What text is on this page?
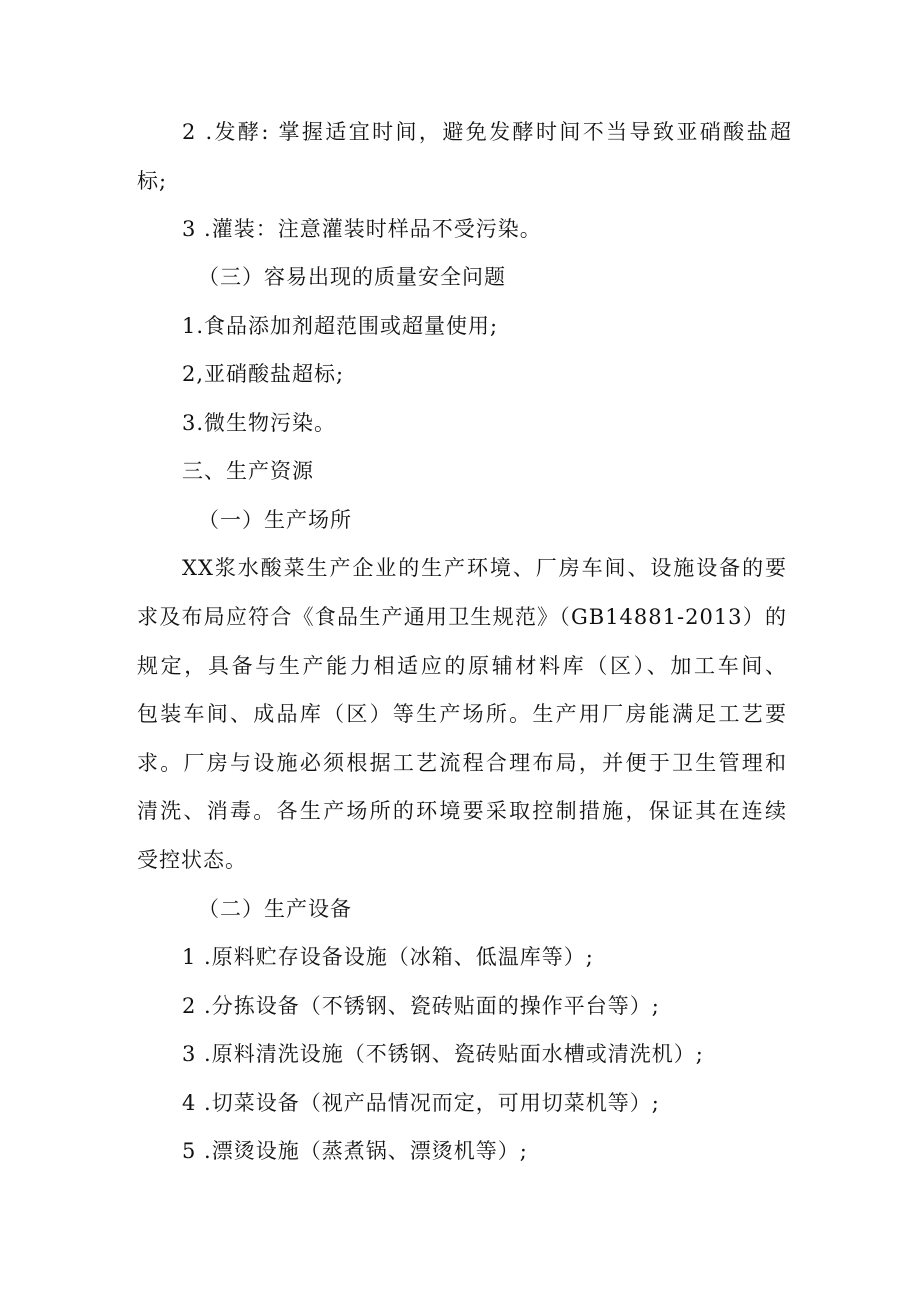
2 .发酵: 掌握适宜时间，避免发酵时间不当导致亚硝酸盐超
标;
3 .灌装：注意灌装时样品不受污染。
（三）容易出现的质量安全问题
1.食品添加剂超范围或超量使用;
2,亚硝酸盐超标;
3.微生物污染。
三、生产资源
（一）生产场所
XX浆水酸菜生产企业的生产环境、厂房车间、设施设备的要
求及布局应符合《食品生产通用卫生规范》（GB14881-2013）的
规定，具备与生产能力相适应的原辅材料库（区）、加工车间、
包装车间、成品库（区）等生产场所。生产用厂房能满足工艺要
求。厂房与设施必须根据工艺流程合理布局，并便于卫生管理和
清洗、消毒。各生产场所的环境要采取控制措施，保证其在连续
受控状态。
（二）生产设备
1 .原料贮存设备设施（冰箱、低温库等）;
2 .分拣设备（不锈钢、瓷砖贴面的操作平台等）;
3 .原料清洗设施（不锈钢、瓷砖贴面水槽或清洗机）;
4 .切菜设备（视产品情况而定，可用切菜机等）;
5 .漂烫设施（蒸煮锅、漂烫机等）;
